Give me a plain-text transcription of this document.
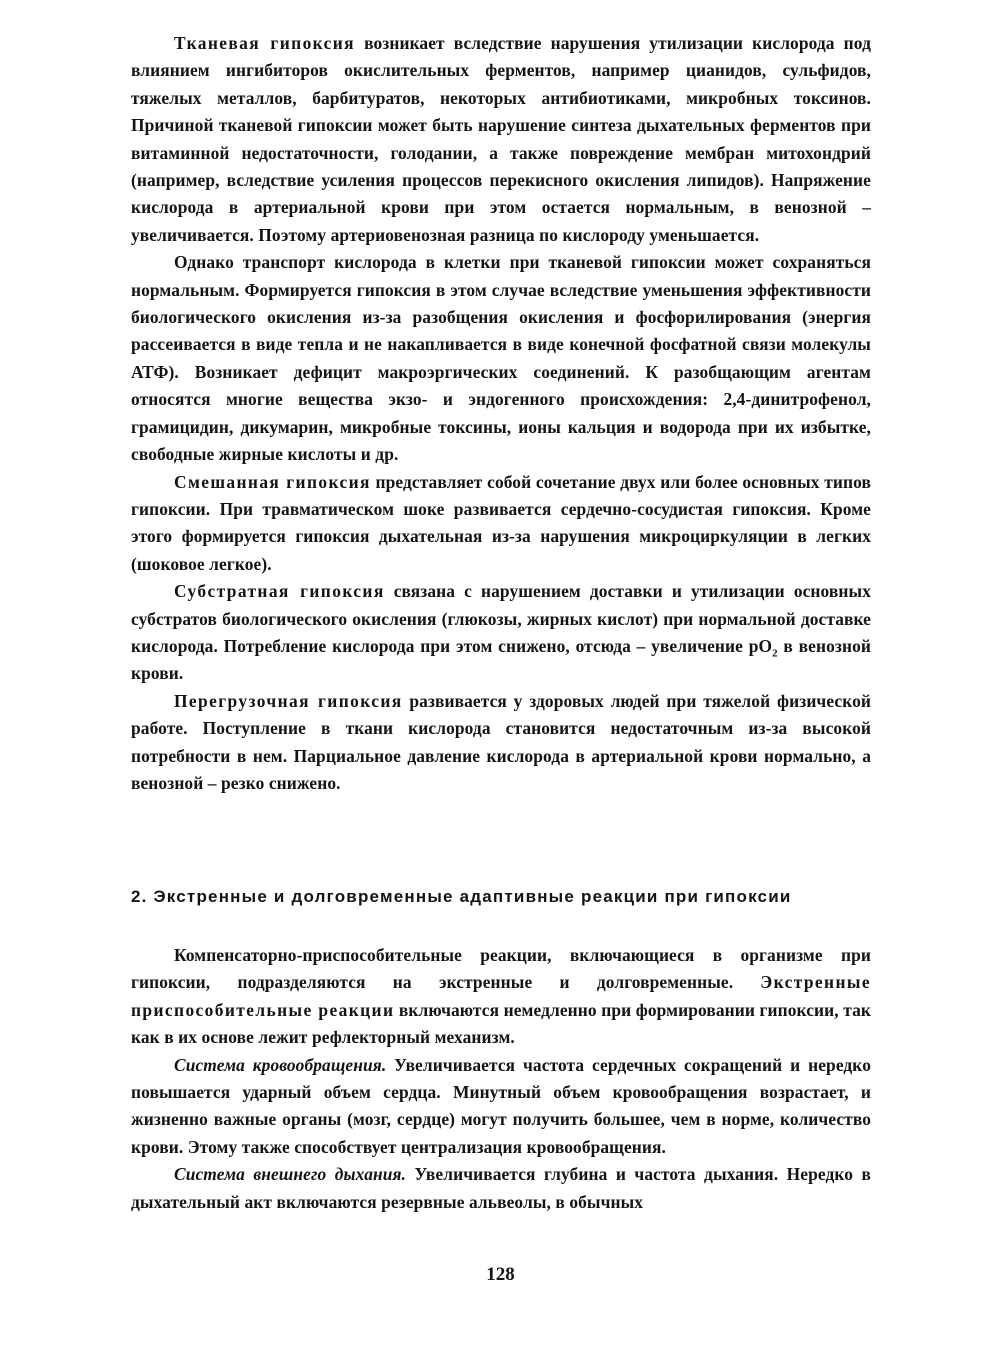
Тканевая гипоксия возникает вследствие нарушения утилизации кислорода под влиянием ингибиторов окислительных ферментов, например цианидов, сульфидов, тяжелых металлов, барбитуратов, некоторых антибиотиками, микробных токсинов. Причиной тканевой гипоксии может быть нарушение синтеза дыхательных ферментов при витаминной недостаточности, голодании, а также повреждение мембран митохондрий (например, вследствие усиления процессов перекисного окисления липидов). Напряжение кислорода в артериальной крови при этом остается нормальным, в венозной – увеличивается. Поэтому артериовенозная разница по кислороду уменьшается.

Однако транспорт кислорода в клетки при тканевой гипоксии может сохраняться нормальным. Формируется гипоксия в этом случае вследствие уменьшения эффективности биологического окисления из-за разобщения окисления и фосфорилирования (энергия рассеивается в виде тепла и не накапливается в виде конечной фосфатной связи молекулы АТФ). Возникает дефицит макроэргических соединений. К разобщающим агентам относятся многие вещества экзо- и эндогенного происхождения: 2,4-динитрофенол, грамицидин, дикумарин, микробные токсины, ионы кальция и водорода при их избытке, свободные жирные кислоты и др.

Смешанная гипоксия представляет собой сочетание двух или более основных типов гипоксии. При травматическом шоке развивается сердечно-сосудистая гипоксия. Кроме этого формируется гипоксия дыхательная из-за нарушения микроциркуляции в легких (шоковое легкое).

Субстратная гипоксия связана с нарушением доставки и утилизации основных субстратов биологического окисления (глюкозы, жирных кислот) при нормальной доставке кислорода. Потребление кислорода при этом снижено, отсюда – увеличение $pO_2$ в венозной крови.

Перегрузочная гипоксия развивается у здоровых людей при тяжелой физической работе. Поступление в ткани кислорода становится недостаточным из-за высокой потребности в нем. Парциальное давление кислорода в артериальной крови нормально, а венозной – резко снижено.

2. Экстренные и долговременные адаптивные реакции при гипоксии

Компенсаторно-приспособительные реакции, включающиеся в организме при гипоксии, подразделяются на экстренные и долговременные. Экстренные приспособительные реакции включаются немедленно при формировании гипоксии, так как в их основе лежит рефлекторный механизм.

Система кровообращения. Увеличивается частота сердечных сокращений и нередко повышается ударный объем сердца. Минутный объем кровообращения возрастает, и жизненно важные органы (мозг, сердце) могут получить большее, чем в норме, количество крови. Этому также способствует централизация кровообращения.

Система внешнего дыхания. Увеличивается глубина и частота дыхания. Нередко в дыхательный акт включаются резервные альвеолы, в обычных

128
